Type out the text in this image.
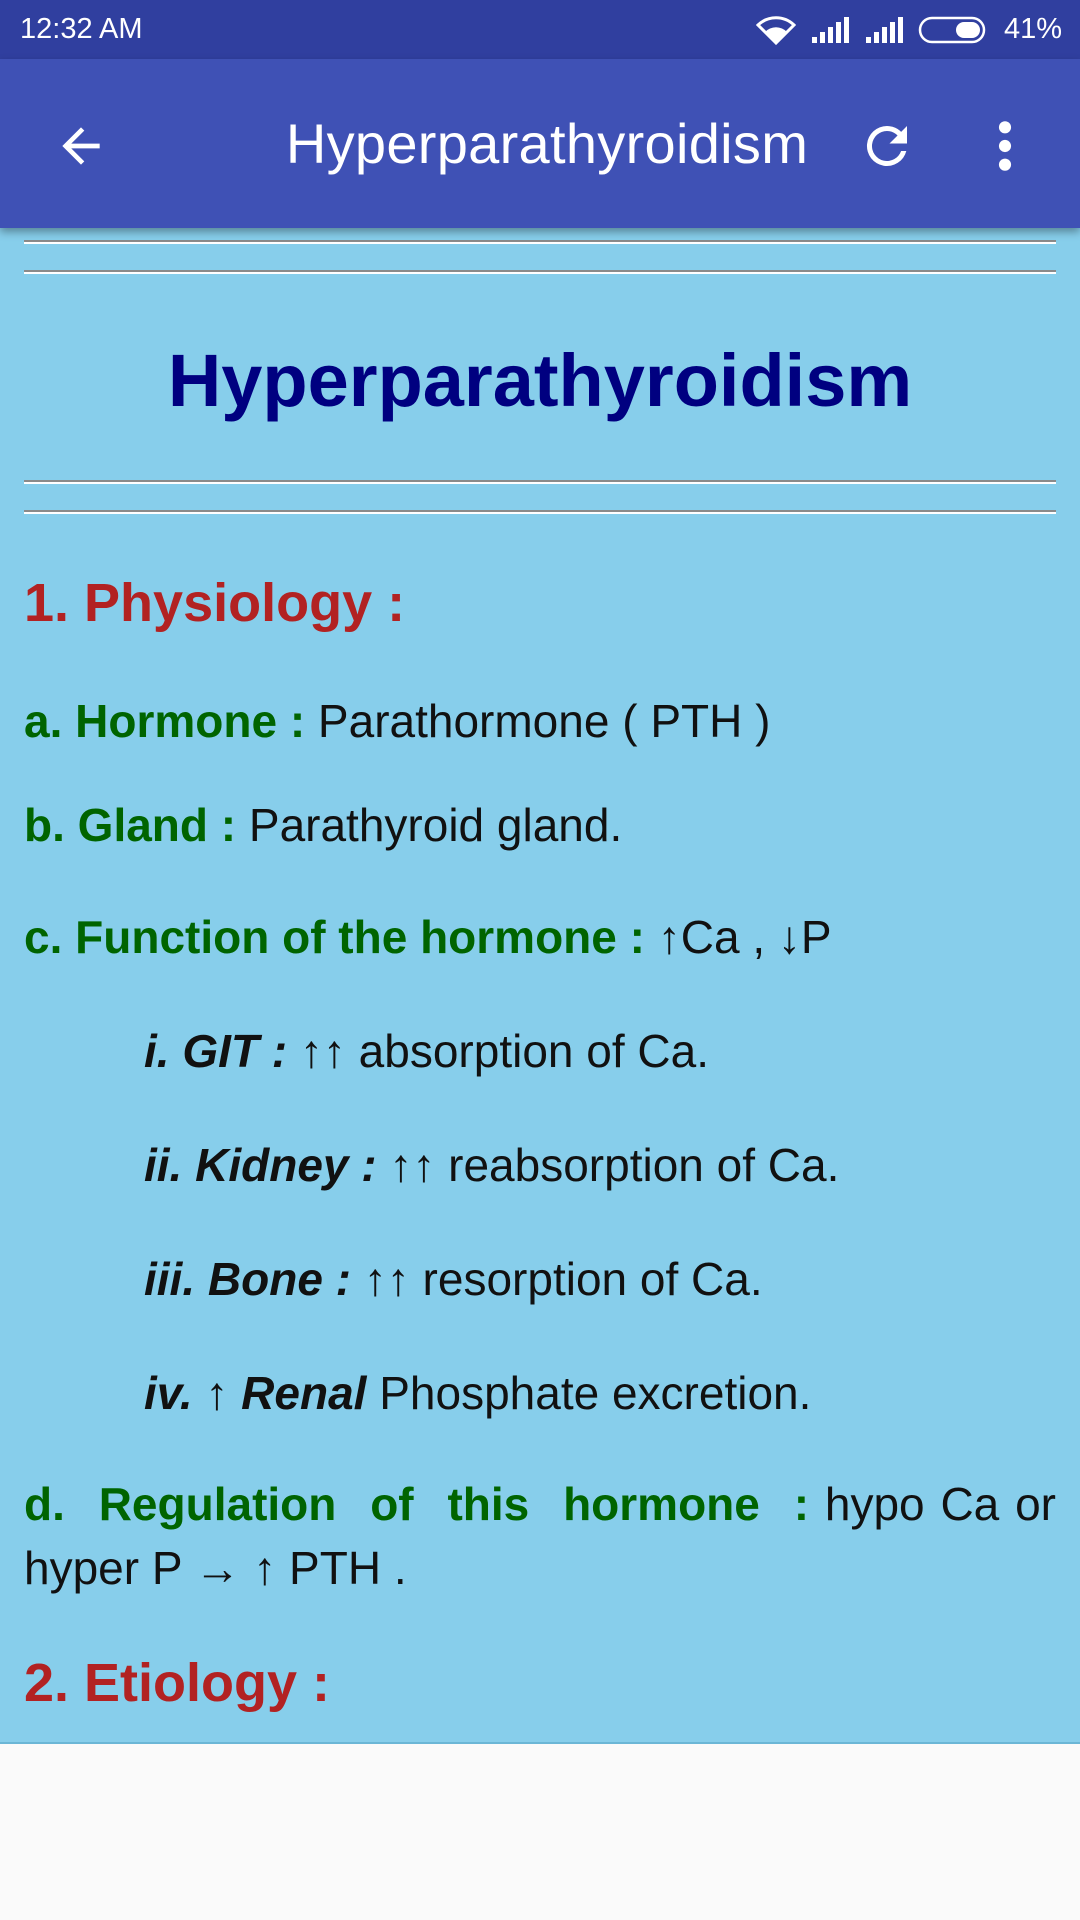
12:32 AM	41%
Hyperparathyroidism
Hyperparathyroidism
1. Physiology :
a. Hormone : Parathormone ( PTH )
b. Gland : Parathyroid gland.
c. Function of the hormone : ↑Ca , ↓P
i. GIT : ↑↑ absorption of Ca.
ii. Kidney : ↑↑ reabsorption of Ca.
iii. Bone : ↑↑ resorption of Ca.
iv. ↑ Renal Phosphate excretion.
d. Regulation of this hormone : hypo Ca or hyper P → ↑ PTH .
2. Etiology :
